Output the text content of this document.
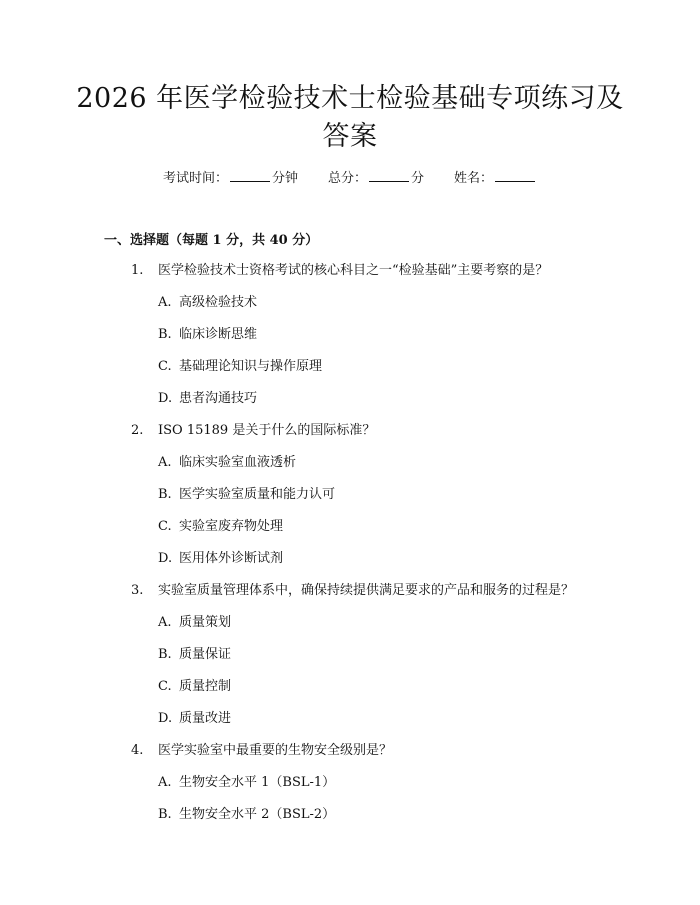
2026 年医学检验技术士检验基础专项练习及
答案
考试时间：	分钟 总分：	分 姓名：
一、选择题（每题 1 分，共 40 分）
1. 医学检验技术士资格考试的核心科目之一“检验基础”主要考察的是？
A. 高级检验技术
B. 临床诊断思维
C. 基础理论知识与操作原理
D. 患者沟通技巧
2. ISO 15189 是关于什么的国际标准？
A. 临床实验室血液透析
B. 医学实验室质量和能力认可
C. 实验室废弃物处理
D. 医用体外诊断试剂
3. 实验室质量管理体系中，确保持续提供满足要求的产品和服务的过程是？
A. 质量策划
B. 质量保证
C. 质量控制
D. 质量改进
4. 医学实验室中最重要的生物安全级别是？
A. 生物安全水平 1（BSL-1）
B. 生物安全水平 2（BSL-2）
